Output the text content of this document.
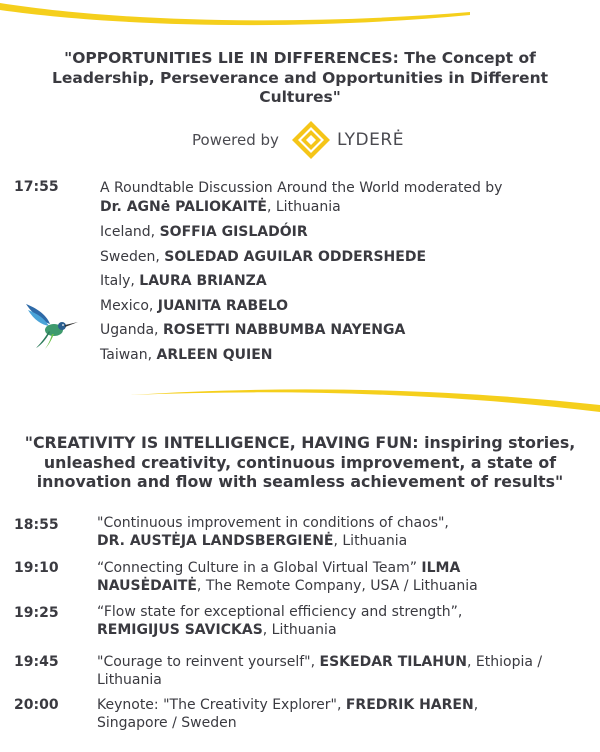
"OPPORTUNITIES LIE IN DIFFERENCES: The Concept of
Leadership, Perseverance and Opportunities in Different
Cultures"
Powered by	LYDERĖ
17:55	A Roundtable Discussion Around the World moderated by
Dr. AGNė PALIOKAITĖ, Lithuania
Iceland, SOFFIA GISLADÓIR
Sweden, SOLEDAD AGUILAR ODDERSHEDE
Italy, LAURA BRIANZA
Mexico, JUANITA RABELO
Uganda, ROSETTI NABBUMBA NAYENGA
Taiwan, ARLEEN QUIEN
"CREATIVITY IS INTELLIGENCE, HAVING FUN: inspiring stories,
unleashed creativity, continuous improvement, a state of
innovation and flow with seamless achievement of results"
18:55	"Continuous improvement in conditions of chaos",
DR. AUSTĖJA LANDSBERGIENĖ, Lithuania
19:10	“Connecting Culture in a Global Virtual Team” ILMA
NAUSĖDAITĖ, The Remote Company, USA / Lithuania
19:25	“Flow state for exceptional efficiency and strength”,
REMIGIJUS SAVICKAS, Lithuania
19:45	"Courage to reinvent yourself", ESKEDAR TILAHUN, Ethiopia /
Lithuania
20:00	Keynote: "The Creativity Explorer", FREDRIK HAREN,
Singapore / Sweden
